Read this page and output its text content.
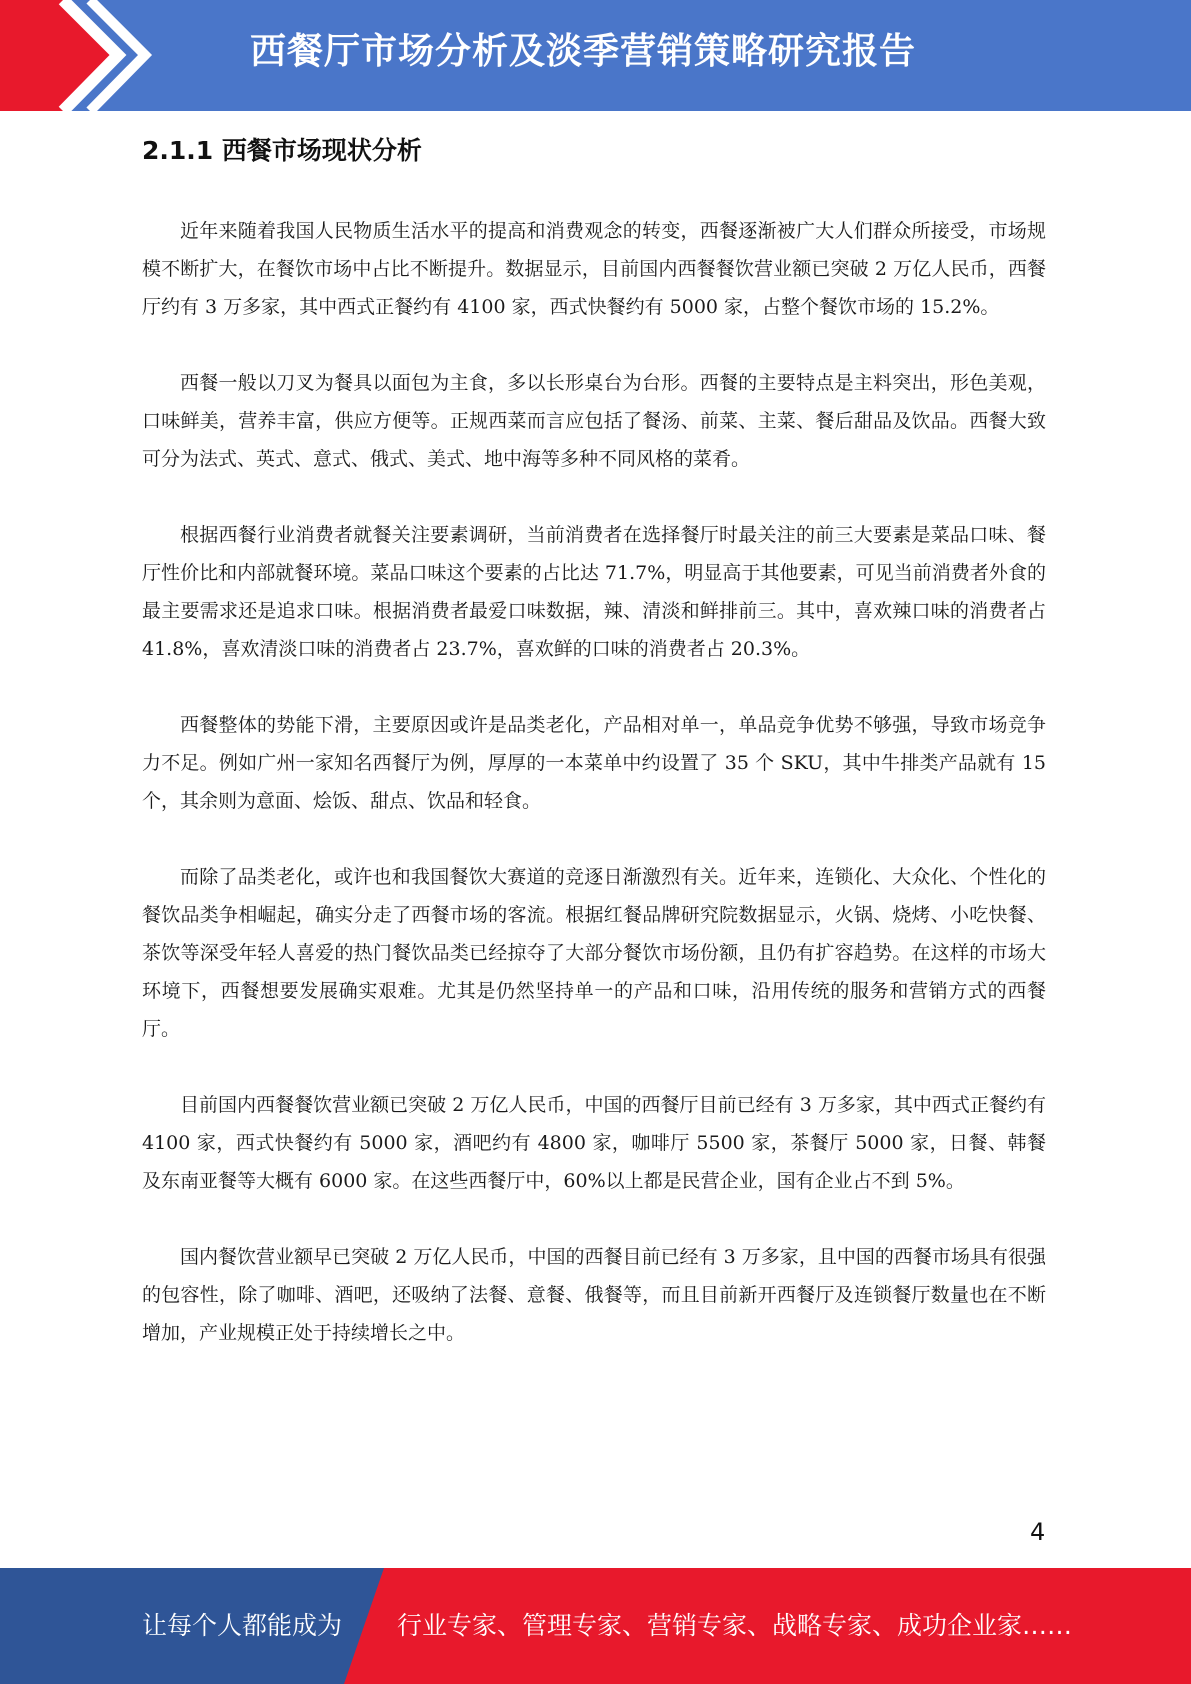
西餐厅市场分析及淡季营销策略研究报告
2.1.1 西餐市场现状分析

近年来随着我国人民物质生活水平的提高和消费观念的转变，西餐逐渐被广大人们群众所接受，市场规模不断扩大，在餐饮市场中占比不断提升。数据显示，目前国内西餐餐饮营业额已突破 2 万亿人民币，西餐厅约有 3 万多家，其中西式正餐约有 4100 家，西式快餐约有 5000 家，占整个餐饮市场的 15.2%。

西餐一般以刀叉为餐具以面包为主食，多以长形桌台为台形。西餐的主要特点是主料突出，形色美观，口味鲜美，营养丰富，供应方便等。正规西菜而言应包括了餐汤、前菜、主菜、餐后甜品及饮品。西餐大致可分为法式、英式、意式、俄式、美式、地中海等多种不同风格的菜肴。

根据西餐行业消费者就餐关注要素调研，当前消费者在选择餐厅时最关注的前三大要素是菜品口味、餐厅性价比和内部就餐环境。菜品口味这个要素的占比达 71.7%，明显高于其他要素，可见当前消费者外食的最主要需求还是追求口味。根据消费者最爱口味数据，辣、清淡和鲜排前三。其中，喜欢辣口味的消费者占 41.8%，喜欢清淡口味的消费者占 23.7%，喜欢鲜的口味的消费者占 20.3%。

西餐整体的势能下滑，主要原因或许是品类老化，产品相对单一，单品竞争优势不够强，导致市场竞争力不足。例如广州一家知名西餐厅为例，厚厚的一本菜单中约设置了 35 个 SKU，其中牛排类产品就有 15 个，其余则为意面、烩饭、甜点、饮品和轻食。

而除了品类老化，或许也和我国餐饮大赛道的竞逐日渐激烈有关。近年来，连锁化、大众化、个性化的餐饮品类争相崛起，确实分走了西餐市场的客流。根据红餐品牌研究院数据显示，火锅、烧烤、小吃快餐、茶饮等深受年轻人喜爱的热门餐饮品类已经掠夺了大部分餐饮市场份额，且仍有扩容趋势。在这样的市场大环境下，西餐想要发展确实艰难。尤其是仍然坚持单一的产品和口味，沿用传统的服务和营销方式的西餐厅。

目前国内西餐餐饮营业额已突破 2 万亿人民币，中国的西餐厅目前已经有 3 万多家，其中西式正餐约有 4100 家，西式快餐约有 5000 家，酒吧约有 4800 家，咖啡厅 5500 家，茶餐厅 5000 家，日餐、韩餐及东南亚餐等大概有 6000 家。在这些西餐厅中，60%以上都是民营企业，国有企业占不到 5%。

国内餐饮营业额早已突破 2 万亿人民币，中国的西餐目前已经有 3 万多家，且中国的西餐市场具有很强的包容性，除了咖啡、酒吧，还吸纳了法餐、意餐、俄餐等，而且目前新开西餐厅及连锁餐厅数量也在不断增加，产业规模正处于持续增长之中。

4
让每个人都能成为 行业专家、管理专家、营销专家、战略专家、成功企业家……
